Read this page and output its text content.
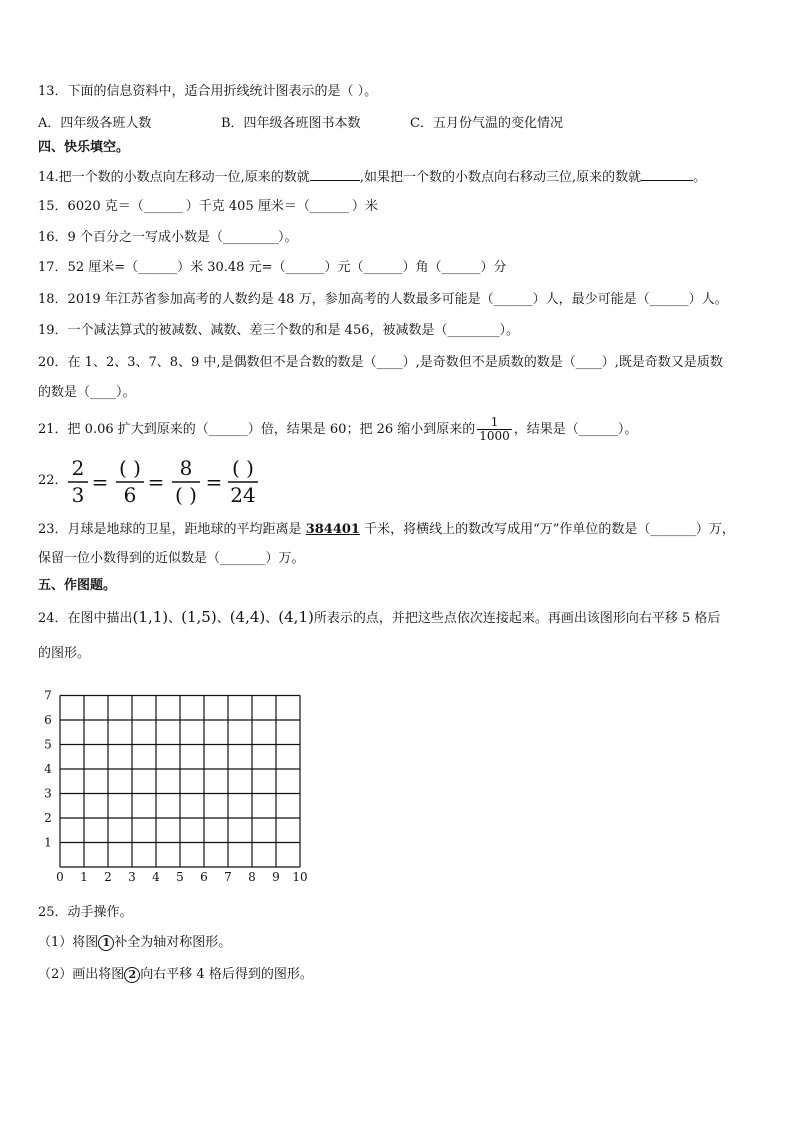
13．下面的信息资料中，适合用折线统计图表示的是（ ）。
A．四年级各班人数	B．四年级各班图书本数	C．五月份气温的变化情况
四、快乐填空。
14.把一个数的小数点向左移动一位,原来的数就	,如果把一个数的小数点向右移动三位,原来的数就	。
15．6020 克＝（______ ）千克 405 厘米＝（______ ）米
16．9 个百分之一写成小数是（__________）。
17．52 厘米=（______）米 30.48 元=（______）元（______）角（______）分
18．2019 年江苏省参加高考的人数约是 48 万，参加高考的人数最多可能是（______）人，最少可能是（______）人。
19．一个减法算式的被减数、减数、差三个数的和是 456，被减数是（________）。
20．在 1、2、3、7、8、9 中,是偶数但不是合数的数是（____）,是奇数但不是质数的数是（____）,既是奇数又是质数
的数是（____）。
21．把 0.06 扩大到原来的（______）倍，结果是 60；把 26 缩小到原来的 $\frac{1}{1000}$ ，结果是（______）。
22．
2
3
=
( )
6
=
8
( )
=
( )
24
23．月球是地球的卫星，距地球的平均距离是 384401 千米，将横线上的数改写成用“万”作单位的数是（_______）万，
保留一位小数得到的近似数是（_______）万。
五、作图题。
24．在图中描出(1,1)、(1,5)、(4,4)、(4,1)所表示的点，并把这些点依次连接起来。再画出该图形向右平移 5 格后
的图形。
0 1 2 3 4 5 6 7 8 9 10
1
2
3
4
5
6
7
25．动手操作。
（1）将图 1 补全为轴对称图形。
（2）画出将图 2 向右平移 4 格后得到的图形。
